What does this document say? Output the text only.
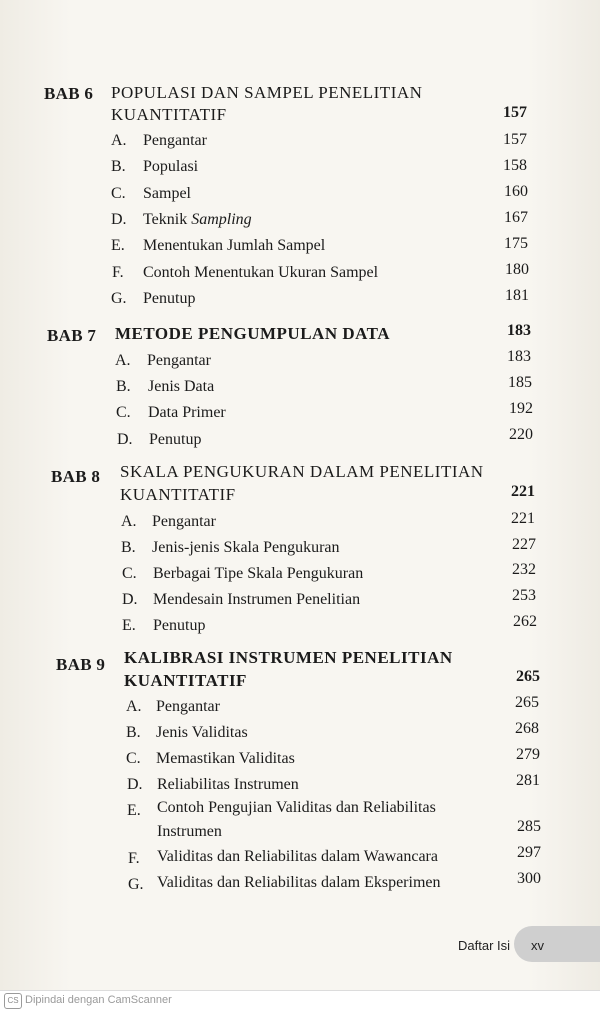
BAB 6 POPULASI DAN SAMPEL PENELITIAN
KUANTITATIF	157
A. Pengantar	157
B. Populasi	158
C. Sampel	160
D. Teknik Sampling	167
E. Menentukan Jumlah Sampel	175
F. Contoh Menentukan Ukuran Sampel	180
G. Penutup	181
BAB 7 METODE PENGUMPULAN DATA	183
A. Pengantar	183
B. Jenis Data	185
C. Data Primer	192
D. Penutup	220
BAB 8 SKALA PENGUKURAN DALAM PENELITIAN
KUANTITATIF	221
A. Pengantar	221
B. Jenis-jenis Skala Pengukuran	227
C. Berbagai Tipe Skala Pengukuran	232
D. Mendesain Instrumen Penelitian	253
E. Penutup	262
BAB 9 KALIBRASI INSTRUMEN PENELITIAN
KUANTITATIF	265
A. Pengantar	265
B. Jenis Validitas	268
C. Memastikan Validitas	279
D. Reliabilitas Instrumen	281
E. Contoh Pengujian Validitas dan Reliabilitas
Instrumen	285
F. Validitas dan Reliabilitas dalam Wawancara	297
G. Validitas dan Reliabilitas dalam Eksperimen	300
Daftar Isi xv
CS Dipindai dengan CamScanner
